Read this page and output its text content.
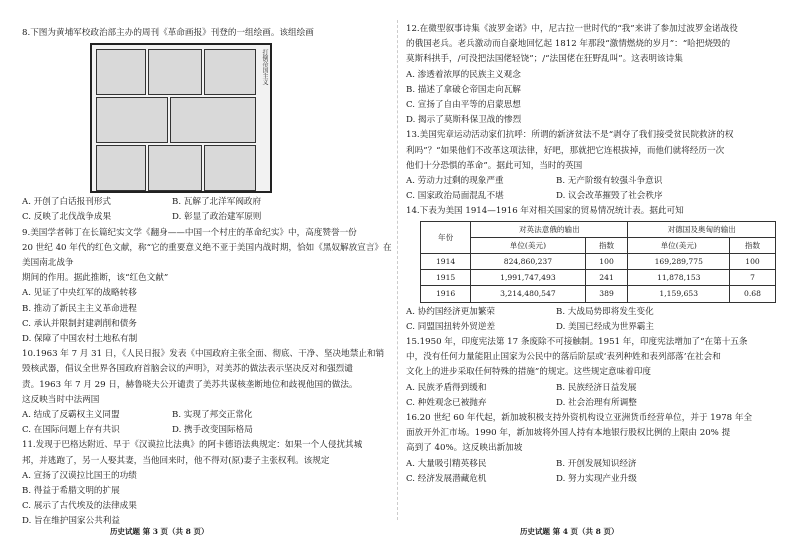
8.下图为黄埔军校政治部主办的周刊《革命画报》刊登的一组绘画。该组绘画

打倒帝国主义
A. 开创了白话报刊形式	B. 瓦解了北洋军阀政府
C. 反映了北伐战争成果	D. 彰显了政治建军原则

9.美国学者韩丁在长篇纪实文学《翻身——中国一个村庄的革命纪实》中，高度赞誉一份

20 世纪 40 年代的红色文献，称“它的重要意义绝不亚于美国内战时期，恰如《黑奴解放宣言》在美国南北战争

期间的作用。据此推断，该“红色文献”

A. 见证了中央红军的战略转移
B. 推动了新民主主义革命进程
C. 承认并限制封建剥削和债务
D. 保障了中国农村土地私有制

10.1963 年 7 月 31 日，《人民日报》发表《中国政府主张全面、彻底、干净、坚决地禁止和销

毁核武器，倡议全世界各国政府首脑会议的声明》，对美苏的做法表示坚决反对和强烈谴

责。1963 年 7 月 29 日，赫鲁晓夫公开谴责了美苏共谋核垄断地位和歧视他国的做法。

这反映当时中法两国

A. 结成了反霸权主义同盟	B. 实现了邦交正常化
C. 在国际问题上存有共识	D. 携手改变国际格局

11.发现于巴格达附近、早于《汉谟拉比法典》的阿卡德语法典规定：如果一个人侵扰其城

邦，并逃跑了，另一人娶其妻，当他回来时，他不得对(原)妻子主张权利。该规定

A. 宣扬了汉谟拉比国王的功绩
B. 得益于希腊文明的扩展
C. 展示了古代埃及的法律成果
D. 旨在维护国家公共利益
历史试题 第 3 页（共 8 页）

12.在微型叙事诗集《波罗金诺》中，尼古拉一世时代的“我”来讲了参加过波罗金诺战役

的俄国老兵。老兵激动而自豪地回忆起 1812 年那段“激情燃烧的岁月”：“哈把烧毁的

莫斯科拱手，/可没把法国佬轻饶”；/“法国佬在狂野乱叫”。这表明该诗集

A. 渗透着浓厚的民族主义观念
B. 描述了拿破仑帝国走向瓦解
C. 宣扬了自由平等的启蒙思想
D. 揭示了莫斯科保卫战的惨烈

13.美国宪章运动活动家们抗呼：所谓的新济贫法不是“剥夺了我们接受贫民院救济的权

利吗”？“如果他们不改革这项法律，好吧，那就把它连根拔掉，而他们就将经历一次

他们十分恐惧的革命”。据此可知，当时的英国

A. 劳动力过剩的现象严重	B. 无产阶级有较强斗争意识
C. 国家政治局面混乱不堪	D. 议会改革摧毁了社会秩序

14.下表为美国 1914—1916 年对相关国家的贸易情况统计表。据此可知

年份	对英法意俄的输出		对德国及奥匈的输出	
	单位(美元)	指数	单位(美元)	指数
1914	824,860,237	100	169,289,775	100
1915	1,991,747,493	241	11,878,153	7
1916	3,214,480,547	389	1,159,653	0.68
A. 协约国经济更加繁荣	B. 大战局势即将发生变化
C. 同盟国扭转外贸逆差	D. 美国已经成为世界霸主

15.1950 年，印度宪法第 17 条废除不可接触制。1951 年，印度宪法增加了“在第十五条

中，没有任何力量能阻止国家为公民中的落后阶层或‘表列种姓和表列部落’在社会和

文化上的进步采取任何特殊的措施”的规定。这些规定意味着印度

A. 民族矛盾得到缓和	B. 民族经济日益发展
C. 种姓观念已被抛弃	D. 社会治理有所调整

16.20 世纪 60 年代起，新加坡积极支持外资机构设立亚洲货币经营单位，并于 1978 年全

面放开外汇市场。1990 年，新加坡将外国人持有本地银行股权比例的上限由 20% 提

高到了 40%。这反映出新加坡

A. 大量吸引精英移民	B. 开创发展知识经济
C. 经济发展潜藏危机	D. 努力实现产业升级
历史试题 第 4 页（共 8 页）
